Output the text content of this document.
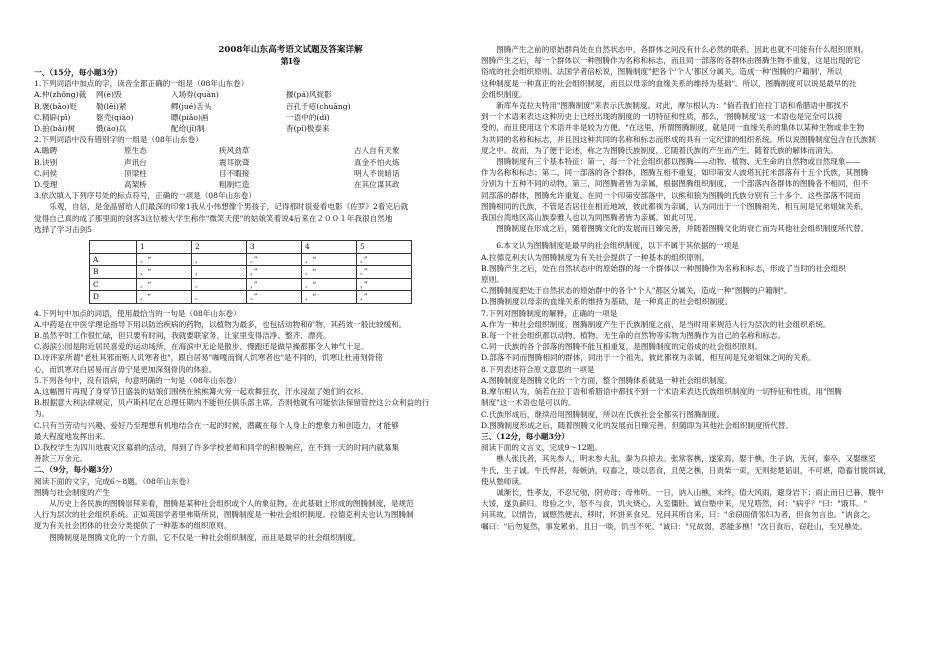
2008年山东高考语文试题及答案详解
第Ⅰ卷
一、（15分，每小题3分）
1.下列词语中加点的字，读音全都正确的一组是（08年山东卷）
A.仲(zhōng)裁	网(è)毁	入场券(quàn)	揠(pá)风捉影
B.褒(bāo)贬	勒(lēi)紧	鳏(jué)舌头	百孔千疮(chuāng)
C.精辟(pì)	躯壳(qiào)	瞟(piǎo)画	一语中的(dì)
D.拍(bǎi)树	慑(áo)兵	配给(jǐ)制	杳(pǐ)极泰来
2.下列词语中没有错别字的一组是（08年山东卷）
A.瞻聘	原生态	疾风劲草	古人自有天象
B.诀别	声讯台	震耳欲聋	真金不怕火炼
C.问侯	顶梁柱	目不暇接	明人不说暗话
D.受理	高架桥	粗制烂造	在其位谋其政
3.依次填入下列序号处的标点符号，正确的一项是（08年山东卷）
乐观，自信，是金晶留给人们最深的印象1我从小伟想像个男孩子，记得那时很爱看电影《佐罗》2看完后就
觉得自己真的成了那里面的剑客3这位被大学生称作"微笑天使"的姑娘笑着说4后来在２００１年我很自然地
选择了学习击剑5
	1	2	3	4	5
A	。“	，	。”	，“	。”
B	，“	，	，”	。“	。”
C	。“	。	，”	。“	，”
D	，“	。	。”	，“	，”
4.下列句中加点的词语，使用最恰当的一句是（08年山东卷）
A.中药是在中医学理论指导下用以防治疾病的药物，以植物为最多，也包括动物和矿物，其药效一般比较缓和。
B.虽然平时工作很忙碌，但只要有时间，我就要联家务，让家里变得洁净、整齐、漂亮。
C.海滨公园是附近居民喜爱的运动场所，在海滨中无论是散步、慢跑还是做早操都都令人神气十足。
D.诗评家所谓"老杜其邪而贿人讥寒者也"，跟白居易"咖嘎而悯人饥寒者也"是不同的，饥寒让杜甫刻骨铭
心，而饥寒对白居易而言毋宁是更加深刻骨肉的体验。
5.下列各句中，没有语病，句意明确的一句是（08年山东卷）
A.这幅图片再现了身穿节日盛装的姑娘们围绕在熊熊篝火旁一起欢舞狂衣，汗水浸湿了她们的衣衫。
B.根据意大利法律规定，贝卢斯科尼在总理任期内不能担任俱乐部主席，否则他就有可能依法保留管控这公众利益的行
为。
C.只有当劳动与兴趣、爱好乃至理想有机地结合在一起的时候，潜藏在每个人身上的想象力和创造力，才能够
最大程度地发挥出来。
D.我校学生为四川地震灾区募捐的活动，得到了许多学校老师和同学的积极响应，在不到一天的时间内就募集
善款三万余元。
二、（9分，每小题3分）
阅读下面的文字，完成6～8题。（08年山东卷）
图腾与社会制度的产生
从历史上各民族的图腾崇拜来看，图腾是某种社会组织或个人的象征物。在此基础上形成的图腾制度，是规范
人行为层次的社会组织系统。正如英国学者里弗斯所说，图腾制度是一种社会组织制度。拉德克利夫也认为图腾制
度为有关社会团体的社会分类提供了一种基本的组织原则。
图腾制度是图腾文化的一个方面，它不仅是一种社会组织制度，而且是最早的社会组织制度。
图腾产生之前的原始群尚处在自然状态中，各群体之间没有什么必然的联系。因此也就不可能有什么组织原则。
图腾产生之后，每一个群体以一种图腾作为名称和标志，而且同一部落的各群体由图腾生物不重复，这是出现的它
俗成的社会组织原则。法国学者倍松说，图腾制度"把各个'个人'都区分属关，造成一种'图腾的户籍制'，所以
这种制度是一种真正的社会组织制度，而且以母亲的血缘关系的维持为基础"。所以，图腾制度可以说是最早的社
会组织制度。
新库车克拉夫特用"图腾制度"来表示氏族制度。对此，摩尔根认为："倘若我们在拉丁语和希腊语中都找不
到一个术语来表达这种历史上已经出现的制度的一切特征和性质，那么，'图腾制度'这一术语也是完全可以接
受的，而且使用这个术语并非是较为方便。"在这里，所谓图腾制度，就是同一血缘关系的集体以某种生物或非生物
为共同的名称和标志，并且因这种共同的名称和标志而形成的具有一定纪律的组织系统。所以说图腾制度包含在氏族制
度之中。故而，为了便于论述，称之为图腾氏族制度，它随着氏族的产生而产生，随着氏族的解体而消失。
图腾制度有三个基本特征：第一，每一个社会组织都以图腾——动物、植物、无生命的自然物或自然现象——
作为名称和标志；第二，同一部落的各个群体，图腾互相不重复，如印第安人波塔瓦托米部落有十五个氏族，其图腾
分别为十五种不同的动物。第三，同图腾者皆为亲属，根据图腾组织制度，一个部落内各群体的图腾各不相同，但不
同部落的群体，图腾允许重复。在同一个印第安部落中，以熊和狼为图腾的氏族分别有三十多个。这些部落不同而
图腾相同的氏族，不管是否居住在相近地域，彼此都视为亲属，认为同出于一个图腾祖先，相互间是兄弟姐妹关系，
我国台湾地区高山族泰雅人也以为同图腾者皆为亲属。如此可见。
图腾制度在形成之后，随着图腾文化的发展而日臻完善，并随着图腾文化的衰亡而为其他社会组织制度所代替。
6.本文认为图腾制度是最早的社会组织制度，以下不属于其依据的一项是
A.拉德克利夫认为图腾制度为有关社会提供了一种基本的组织原则。
B.图腾产生之后，处在自然状态中的原始群的每一个群体以一种图腾作为名称和标志，形成了当时的社会组织
原则。
C.图腾制度把处于自然状态的原始群中的各个"个人"都区分属关，造成一种"图腾的户籍制"。
D.图腾制度以母亲的血缘关系的维持为基础，是一种真正的社会组织制度。
7.下列对图腾制度的解释，正确的一项是
A.作为一种社会组织制度，图腾制度产生于氏族制度之前，是当时用来规范人行为层次的社会组织系统。
B.每一个社会组织都以动物、植物、无生命的自然物等实物为图腾作为自己的名称和标志。
C.同一氏族的各个部落的图腾不能互相重复，是图腾制度的定俗成的社会组织原则。
D.部落不同而图腾相同的群体，同出于一个祖先，彼此都视为亲属，相互间是兄弟姐妹之间的关系。
8.下列表述符合原文意思的一项是
A.图腾制度是图腾文化的一个方面，整个图腾体系就是一种社会组织制度。
B.摩尔根认为，倘若在拉丁语和希腊语中都找不到一个术语来表达氏族组织制度的一切特征和性质，用"图腾
制度"这一术语也是可以的。
C.氏族形成后，继续沿用图腾制度，所以在氏族社会全都实行图腾制度。
D.图腾制度形成之后，随着图腾文化的发展而日臻完善，但随即为其他社会组织制度所代替。
三、（12分，每小题3分）
阅读下面的文言文，完成9～12题。
樵人张氏者，其先参人，明末参大乱，秦为兵掠去。张常客樵，遂家焉。娶于樵，生子讷，无何，秦卒，又娶继室
牛氏，生子诚。牛氏悍甚，每嫉讷，叹畜之，啖以恶食，且使之樵，日责柴一束，无则挞楚诟诅，不可堪，隐畜甘脆饵诚，
使从塾师读。
诚渐长，性孝友，不忍兄劬，阴劝母；母弗听。一日，讷入山樵，未终，值大风雨，避身岩下；雨止而日已暮，腹中
大馁，遂负薪归。母验之少，怒不与食，饥火烧心，入室僵卧。诚自塾中来，见兄嗒然，问："病乎？"曰："饿耳。"
问其故，以情告，诚愍然便去，移时，怀饼来食兄。兄问其所自来，曰："余窃面倩邻妇为者，但食勿言也。"讷食之，
嘱曰："后勿复然，事发累弟。且日一啖，饥当不死。"诚曰："兄故弱，恶能多樵！"次日食后，窃赴山，至兄樵处。
